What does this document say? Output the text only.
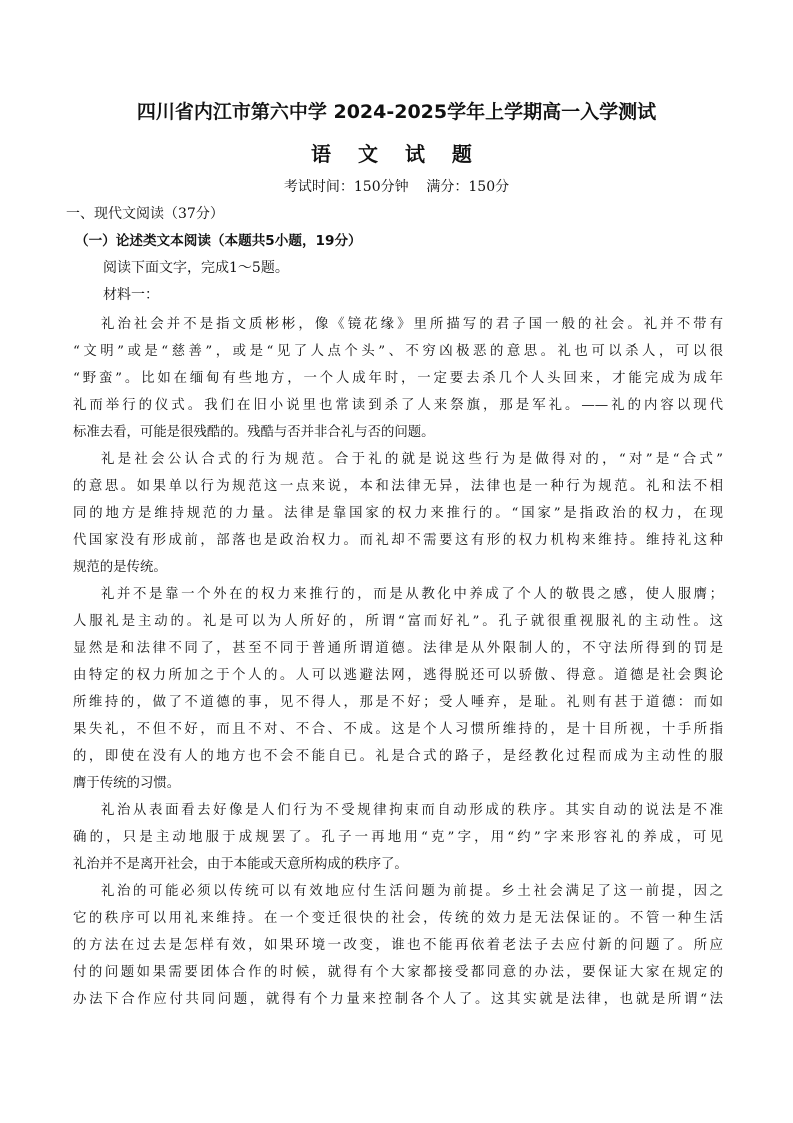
四川省内江市第六中学 2024-2025学年上学期高一入学测试
语 文 试 题
考试时间：150分钟    满分：150分
一、现代文阅读（37分）
（一）论述类文本阅读（本题共5小题，19分）
阅读下面文字，完成1～5题。
材料一：
礼治社会并不是指文质彬彬，像《镜花缘》里所描写的君子国一般的社会。礼并不带有
“文明”或是“慈善”，或是“见了人点个头”、不穷凶极恶的意思。礼也可以杀人，可以很
“野蛮”。比如在缅甸有些地方，一个人成年时，一定要去杀几个人头回来，才能完成为成年
礼而举行的仪式。我们在旧小说里也常读到杀了人来祭旗，那是军礼。——礼的内容以现代
标准去看，可能是很残酷的。残酷与否并非合礼与否的问题。
礼是社会公认合式的行为规范。合于礼的就是说这些行为是做得对的，“对”是“合式”
的意思。如果单以行为规范这一点来说，本和法律无异，法律也是一种行为规范。礼和法不相
同的地方是维持规范的力量。法律是靠国家的权力来推行的。“国家”是指政治的权力，在现
代国家没有形成前，部落也是政治权力。而礼却不需要这有形的权力机构来维持。维持礼这种
规范的是传统。
礼并不是靠一个外在的权力来推行的，而是从教化中养成了个人的敬畏之感，使人服膺；
人服礼是主动的。礼是可以为人所好的，所谓“富而好礼”。孔子就很重视服礼的主动性。这
显然是和法律不同了，甚至不同于普通所谓道德。法律是从外限制人的，不守法所得到的罚是
由特定的权力所加之于个人的。人可以逃避法网，逃得脱还可以骄傲、得意。道德是社会舆论
所维持的，做了不道德的事，见不得人，那是不好；受人唾弃，是耻。礼则有甚于道德：而如
果失礼，不但不好，而且不对、不合、不成。这是个人习惯所维持的，是十目所视，十手所指
的，即使在没有人的地方也不会不能自已。礼是合式的路子，是经教化过程而成为主动性的服
膺于传统的习惯。
礼治从表面看去好像是人们行为不受规律拘束而自动形成的秩序。其实自动的说法是不准
确的，只是主动地服于成规罢了。孔子一再地用“克”字，用“约”字来形容礼的养成，可见
礼治并不是离开社会，由于本能或天意所构成的秩序了。
礼治的可能必须以传统可以有效地应付生活问题为前提。乡土社会满足了这一前提，因之
它的秩序可以用礼来维持。在一个变迁很快的社会，传统的效力是无法保证的。不管一种生活
的方法在过去是怎样有效，如果环境一改变，谁也不能再依着老法子去应付新的问题了。所应
付的问题如果需要团体合作的时候，就得有个大家都接受都同意的办法，要保证大家在规定的
办法下合作应付共同问题，就得有个力量来控制各个人了。这其实就是法律，也就是所谓“法
